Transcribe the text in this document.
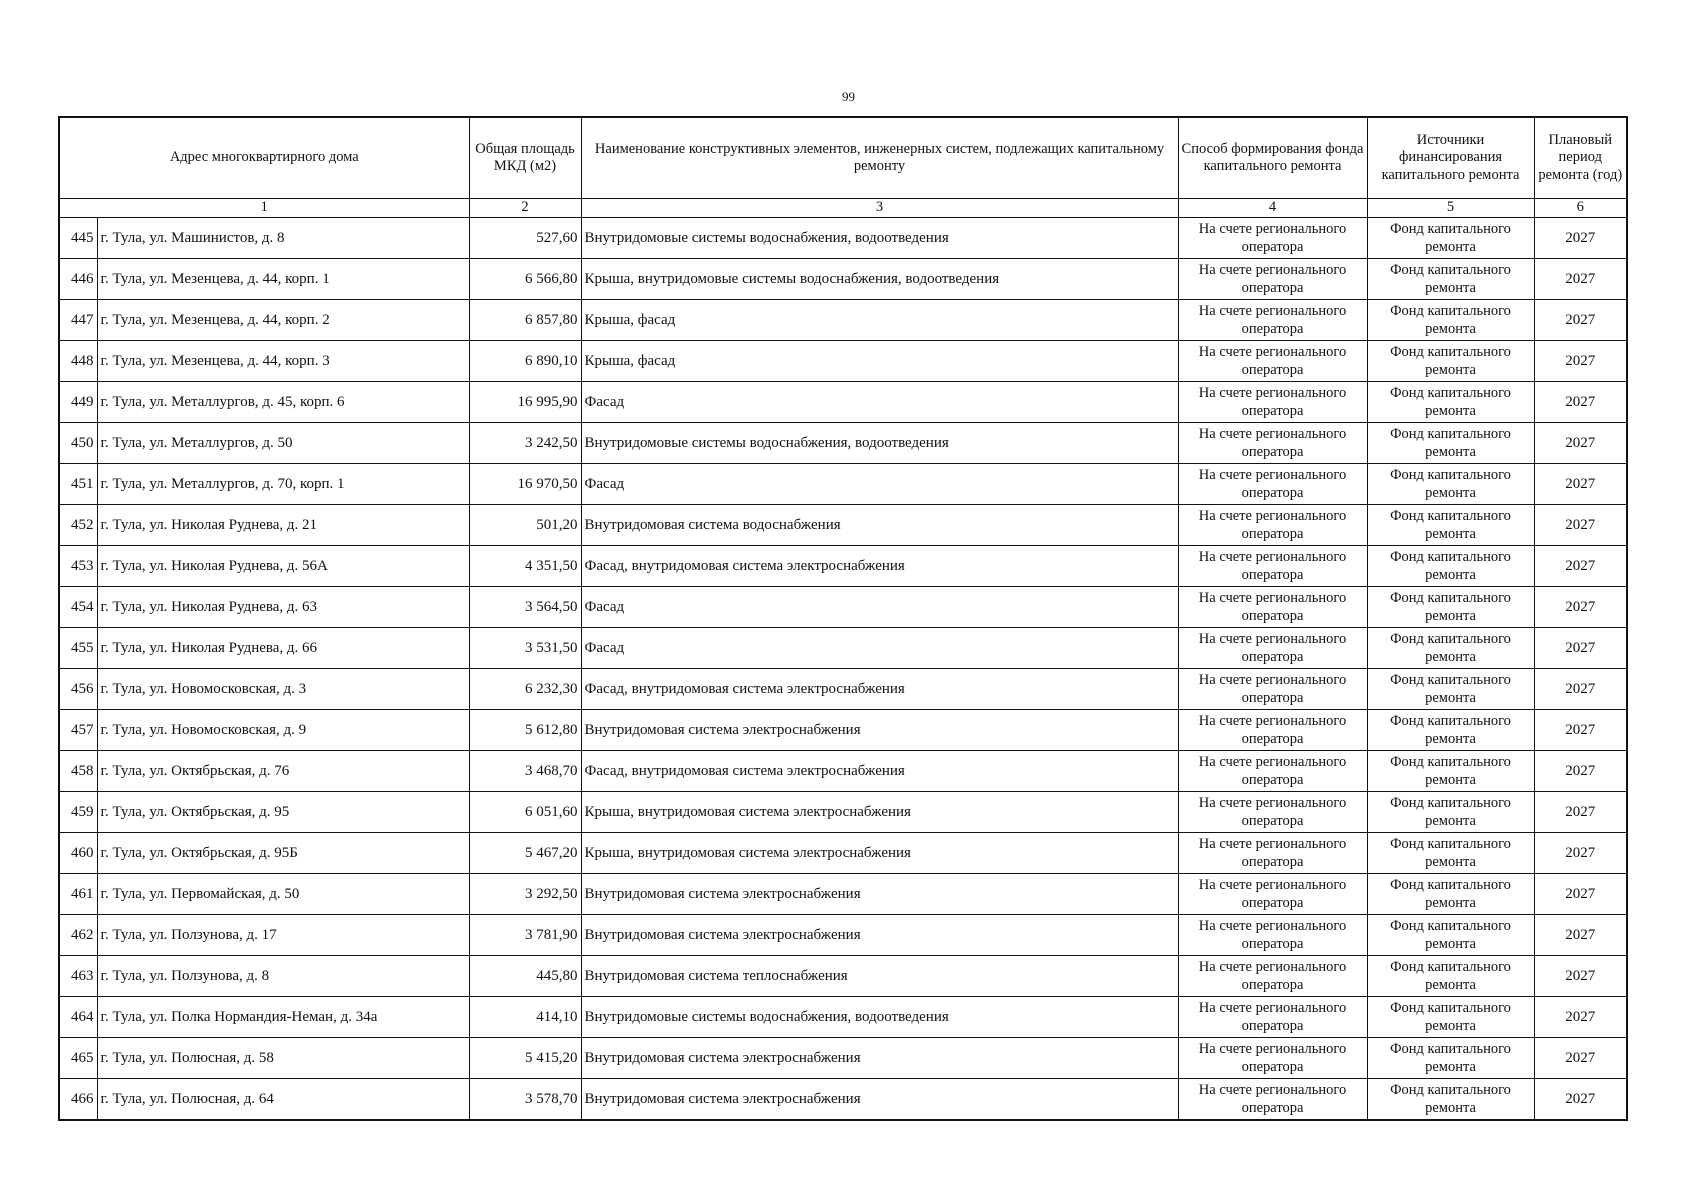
99
Адрес многоквартирного дома		Общая площадь МКД (м2)	Наименование конструктивных элементов, инженерных систем, подлежащих капитальному ремонту	Способ формирования фонда капитального ремонта	Источники финансирования капитального ремонта	Плановый период ремонта (год)
1		2	3	4	5	6
445	г. Тула, ул. Машинистов, д. 8	527,60	Внутридомовые системы водоснабжения, водоотведения	На счете регионального оператора	Фонд капитального ремонта	2027
446	г. Тула, ул. Мезенцева, д. 44, корп. 1	6 566,80	Крыша, внутридомовые системы водоснабжения, водоотведения	На счете регионального оператора	Фонд капитального ремонта	2027
447	г. Тула, ул. Мезенцева, д. 44, корп. 2	6 857,80	Крыша, фасад	На счете регионального оператора	Фонд капитального ремонта	2027
448	г. Тула, ул. Мезенцева, д. 44, корп. 3	6 890,10	Крыша, фасад	На счете регионального оператора	Фонд капитального ремонта	2027
449	г. Тула, ул. Металлургов, д. 45, корп. 6	16 995,90	Фасад	На счете регионального оператора	Фонд капитального ремонта	2027
450	г. Тула, ул. Металлургов, д. 50	3 242,50	Внутридомовые системы водоснабжения, водоотведения	На счете регионального оператора	Фонд капитального ремонта	2027
451	г. Тула, ул. Металлургов, д. 70, корп. 1	16 970,50	Фасад	На счете регионального оператора	Фонд капитального ремонта	2027
452	г. Тула, ул. Николая Руднева, д. 21	501,20	Внутридомовая система водоснабжения	На счете регионального оператора	Фонд капитального ремонта	2027
453	г. Тула, ул. Николая Руднева, д. 56А	4 351,50	Фасад, внутридомовая система электроснабжения	На счете регионального оператора	Фонд капитального ремонта	2027
454	г. Тула, ул. Николая Руднева, д. 63	3 564,50	Фасад	На счете регионального оператора	Фонд капитального ремонта	2027
455	г. Тула, ул. Николая Руднева, д. 66	3 531,50	Фасад	На счете регионального оператора	Фонд капитального ремонта	2027
456	г. Тула, ул. Новомосковская, д. 3	6 232,30	Фасад, внутридомовая система электроснабжения	На счете регионального оператора	Фонд капитального ремонта	2027
457	г. Тула, ул. Новомосковская, д. 9	5 612,80	Внутридомовая система электроснабжения	На счете регионального оператора	Фонд капитального ремонта	2027
458	г. Тула, ул. Октябрьская, д. 76	3 468,70	Фасад, внутридомовая система электроснабжения	На счете регионального оператора	Фонд капитального ремонта	2027
459	г. Тула, ул. Октябрьская, д. 95	6 051,60	Крыша, внутридомовая система электроснабжения	На счете регионального оператора	Фонд капитального ремонта	2027
460	г. Тула, ул. Октябрьская, д. 95Б	5 467,20	Крыша, внутридомовая система электроснабжения	На счете регионального оператора	Фонд капитального ремонта	2027
461	г. Тула, ул. Первомайская, д. 50	3 292,50	Внутридомовая система электроснабжения	На счете регионального оператора	Фонд капитального ремонта	2027
462	г. Тула, ул. Ползунова, д. 17	3 781,90	Внутридомовая система электроснабжения	На счете регионального оператора	Фонд капитального ремонта	2027
463	г. Тула, ул. Ползунова, д. 8	445,80	Внутридомовая система теплоснабжения	На счете регионального оператора	Фонд капитального ремонта	2027
464	г. Тула, ул. Полка Нормандия-Неман, д. 34а	414,10	Внутридомовые системы водоснабжения, водоотведения	На счете регионального оператора	Фонд капитального ремонта	2027
465	г. Тула, ул. Полюсная, д. 58	5 415,20	Внутридомовая система электроснабжения	На счете регионального оператора	Фонд капитального ремонта	2027
466	г. Тула, ул. Полюсная, д. 64	3 578,70	Внутридомовая система электроснабжения	На счете регионального оператора	Фонд капитального ремонта	2027
